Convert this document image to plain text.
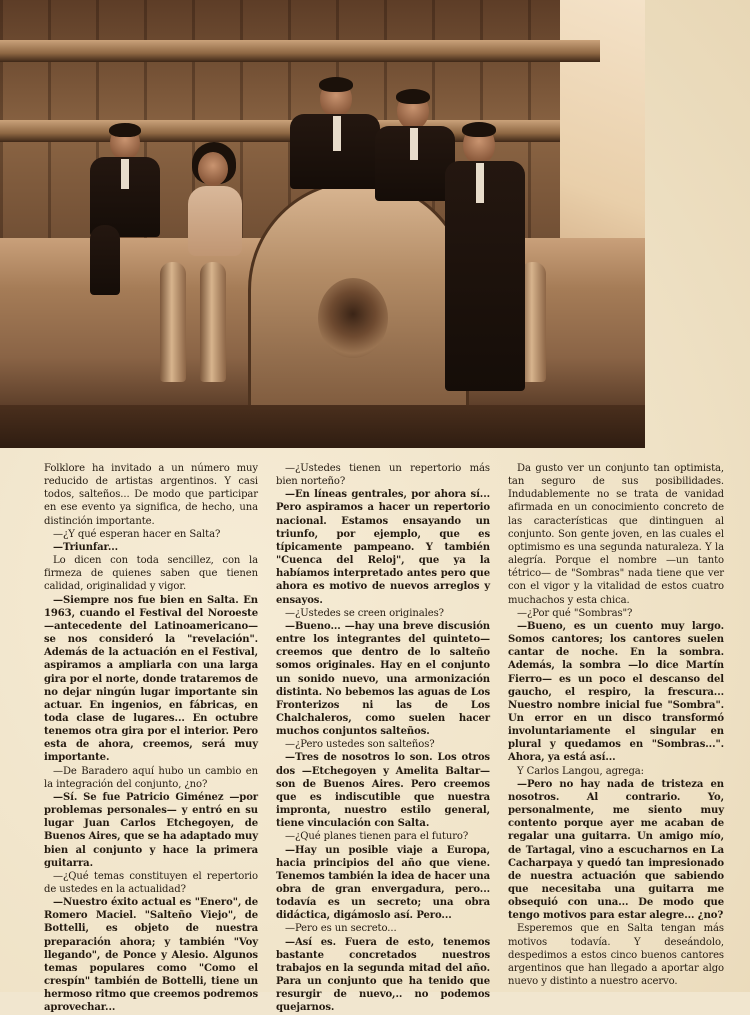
Folklore ha invitado a un número muy reducido de artistas argentinos. Y casi todos, salteños... De modo que participar en ese evento ya significa, de hecho, una distinción importante.

—¿Y qué esperan hacer en Salta?

—Triunfar...

Lo dicen con toda sencillez, con la firmeza de quienes saben que tienen calidad, originalidad y vigor.

—Siempre nos fue bien en Salta. En 1963, cuando el Festival del Noroeste —antecedente del Latinoamericano— se nos consideró la "revelación". Además de la actuación en el Festival, aspiramos a ampliarla con una larga gira por el norte, donde trataremos de no dejar ningún lugar importante sin actuar. En ingenios, en fábricas, en toda clase de lugares... En octubre tenemos otra gira por el interior. Pero esta de ahora, creemos, será muy importante.

—De Baradero aquí hubo un cambio en la integración del conjunto, ¿no?

—Sí. Se fue Patricio Giménez —por problemas personales— y entró en su lugar Juan Carlos Etchegoyen, de Buenos Aires, que se ha adaptado muy bien al conjunto y hace la primera guitarra.

—¿Qué temas constituyen el repertorio de ustedes en la actualidad?

—Nuestro éxito actual es "Enero", de Romero Maciel. "Salteño Viejo", de Bottelli, es objeto de nuestra preparación ahora; y también "Voy llegando", de Ponce y Alesio. Algunos temas populares como "Como el crespín" también de Bottelli, tiene un hermoso ritmo que creemos podremos aprovechar...

—¿Ustedes tienen un repertorio más bien norteño?

—En líneas gentrales, por ahora sí... Pero aspiramos a hacer un repertorio nacional. Estamos ensayando un triunfo, por ejemplo, que es típicamente pampeano. Y también "Cuenca del Reloj", que ya la habíamos interpretado antes pero que ahora es motivo de nuevos arreglos y ensayos.

—¿Ustedes se creen originales?

—Bueno... —hay una breve discusión entre los integrantes del quinteto— creemos que dentro de lo salteño somos originales. Hay en el conjunto un sonido nuevo, una armonización distinta. No bebemos las aguas de Los Fronterizos ni las de Los Chalchaleros, como suelen hacer muchos conjuntos salteños.

—¿Pero ustedes son salteños?

—Tres de nosotros lo son. Los otros dos —Etchegoyen y Amelita Baltar— son de Buenos Aires. Pero creemos que es indiscutible que nuestra impronta, nuestro estilo general, tiene vinculación con Salta.

—¿Qué planes tienen para el futuro?

—Hay un posible viaje a Europa, hacia principios del año que viene. Tenemos también la idea de hacer una obra de gran envergadura, pero... todavía es un secreto; una obra didáctica, digámoslo así. Pero...

—Pero es un secreto...

—Así es. Fuera de esto, tenemos bastante concretados nuestros trabajos en la segunda mitad del año. Para un conjunto que ha tenido que resurgir de nuevo,.. no podemos quejarnos.

Da gusto ver un conjunto tan optimista, tan seguro de sus posibilidades. Indudablemente no se trata de vanidad afirmada en un conocimiento concreto de las características que dintinguen al conjunto. Son gente joven, en las cuales el optimismo es una segunda naturaleza. Y la alegría. Porque el nombre —un tanto tétrico— de "Sombras" nada tiene que ver con el vigor y la vitalidad de estos cuatro muchachos y esta chica.

—¿Por qué "Sombras"?

—Bueno, es un cuento muy largo. Somos cantores; los cantores suelen cantar de noche. En la sombra. Además, la sombra —lo dice Martín Fierro— es un poco el descanso del gaucho, el respiro, la frescura... Nuestro nombre inicial fue "Sombra". Un error en un disco transformó involuntariamente el singular en plural y quedamos en "Sombras...". Ahora, ya está así...

Y Carlos Langou, agrega:

—Pero no hay nada de tristeza en nosotros. Al contrario. Yo, personalmente, me siento muy contento porque ayer me acaban de regalar una guitarra. Un amigo mío, de Tartagal, vino a escucharnos en La Cacharpaya y quedó tan impresionado de nuestra actuación que sabiendo que necesitaba una guitarra me obsequió con una... De modo que tengo motivos para estar alegre... ¿no?

Esperemos que en Salta tengan más motivos todavía. Y deseándolo, despedimos a estos cinco buenos cantores argentinos que han llegado a aportar algo nuevo y distinto a nuestro acervo.
